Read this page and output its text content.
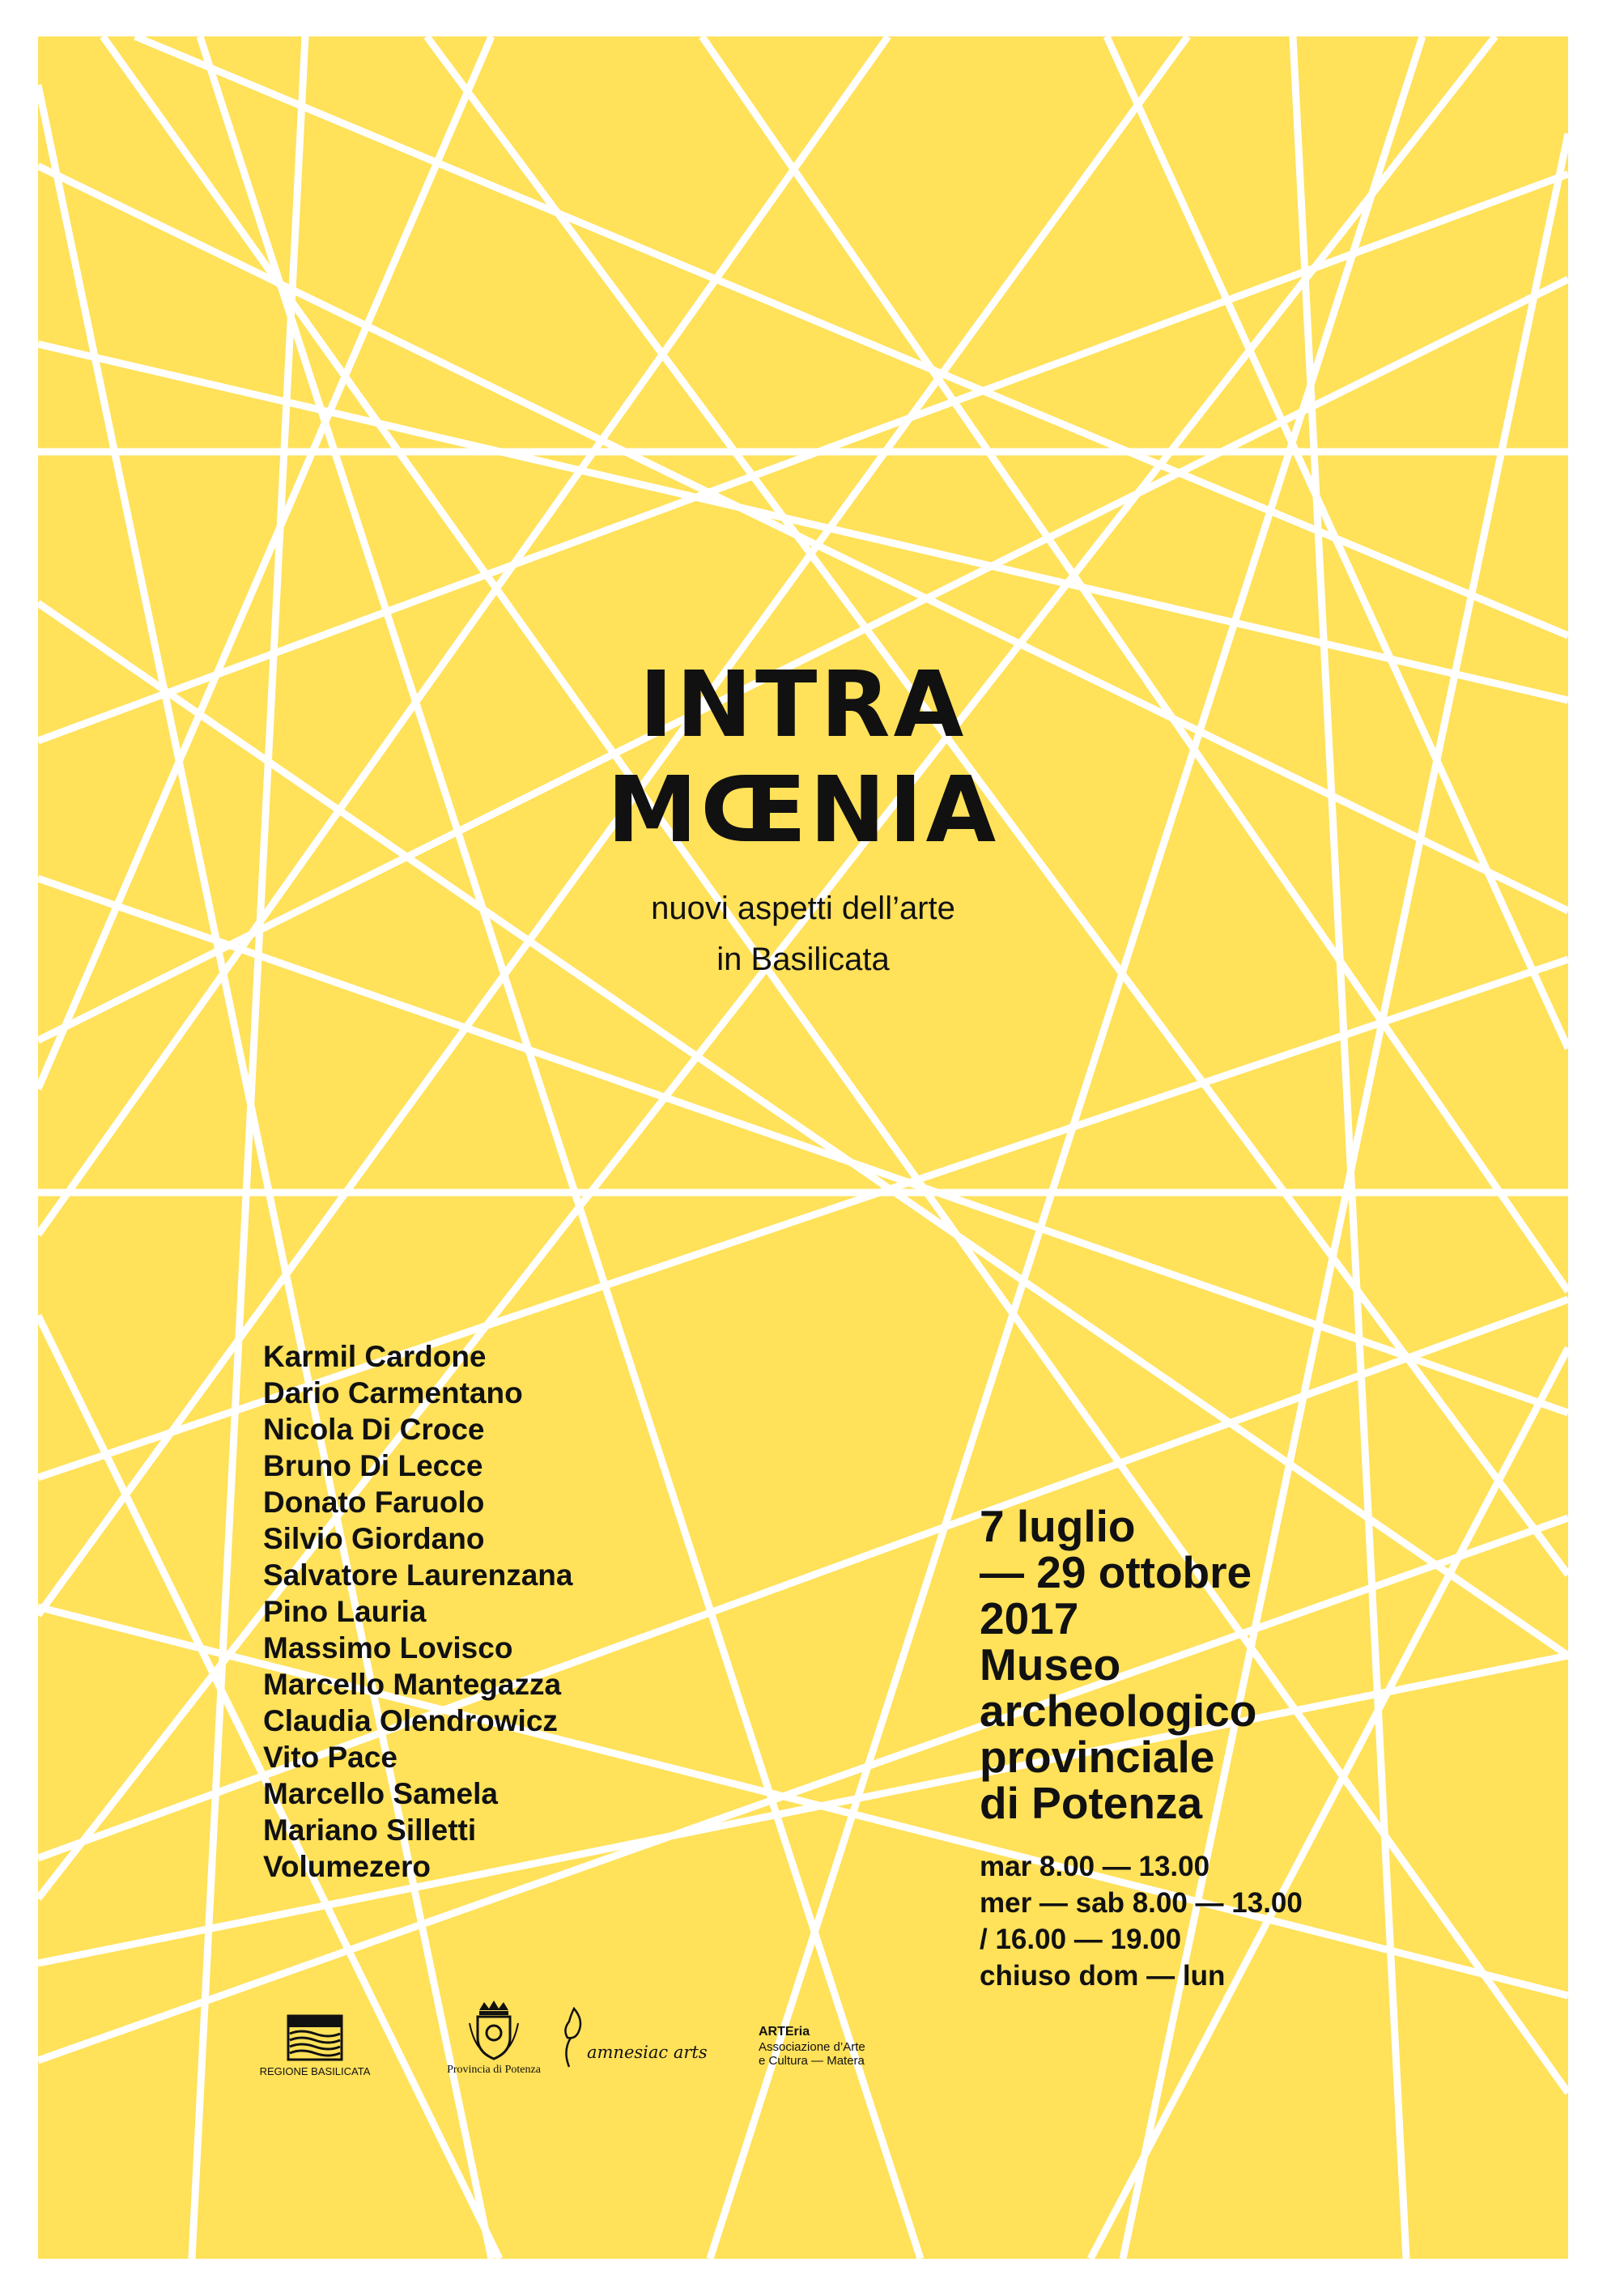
INTRA
MŒNIA
nuovi aspetti dell’arte
in Basilicata
Karmil Cardone
Dario Carmentano
Nicola Di Croce
Bruno Di Lecce
Donato Faruolo
Silvio Giordano
Salvatore Laurenzana
Pino Lauria
Massimo Lovisco
Marcello Mantegazza
Claudia Olendrowicz
Vito Pace
Marcello Samela
Mariano Silletti
Volumezero
7 luglio
— 29 ottobre
2017
Museo
archeologico
provinciale
di Potenza
mar 8.00 — 13.00
mer — sab 8.00 — 13.00
/ 16.00 — 19.00
chiuso dom — lun
REGIONE BASILICATA	Provincia di Potenza
amnesiac arts
ARTEria
Associazione d’Arte
e Cultura — Matera
